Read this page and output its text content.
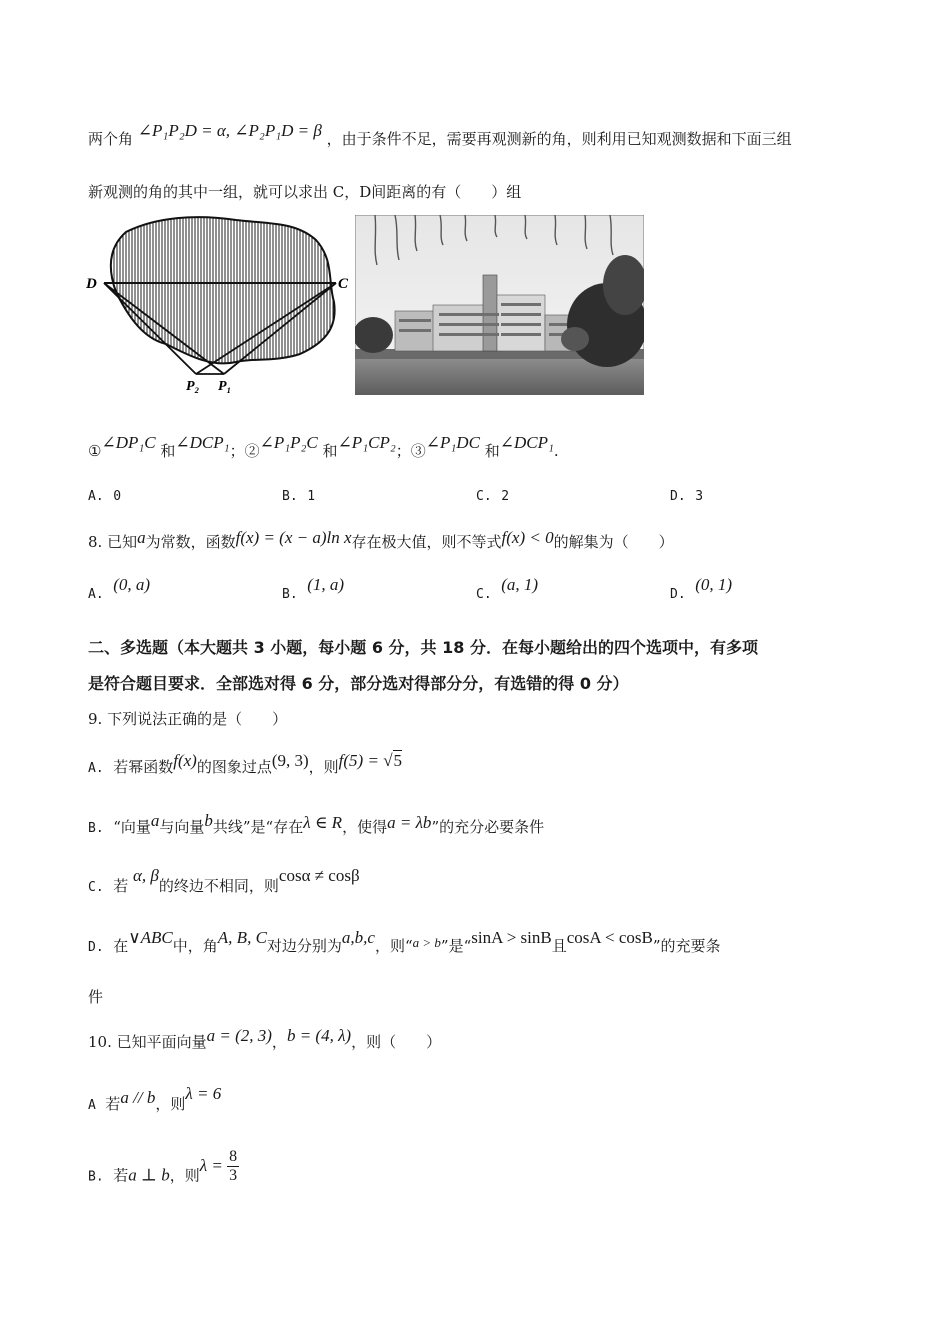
两个角 ∠P₁P₂D = α, ∠P₂P₁D = β ，由于条件不足，需要再观测新的角，则利用已知观测数据和下面三组
新观测的角的其中一组，就可以求出 C，D间距离的有（　　）组
D	C
P₂ P₁
①∠DP₁C 和∠DCP₁；②∠P₁P₂C 和∠P₁CP₂；③∠P₁DC 和∠DCP₁.
A. 0	B. 1	C. 2	D. 3
8. 已知a为常数，函数f(x) = (x − a)ln x存在极大值，则不等式f(x) < 0的解集为（　　）
A.  (0, a)
B.  (1, a)
C.  (a, 1)
D.  (0, 1)
二、多选题（本大题共 3 小题，每小题 6 分，共 18 分．在每小题给出的四个选项中，有多项
是符合题目要求．全部选对得 6 分，部分选对得部分分，有选错的得 0 分）
9. 下列说法正确的是（　　）
A. 若幂函数f(x)的图象过点(9, 3)，则f(5) = √5
B. “向量a与向量b共线”是“存在λ ∈ R，使得a = λb”的充分必要条件
C. 若 α, β的终边不相同，则cosα ≠ cosβ
D. 在∨ABC中，角A, B, C对边分别为a,b,c，则“a > b”是“sinA > sinB且cosA < cosB”的充要条
件
10. 已知平面向量a = (2, 3)，b = (4, λ)，则（　　）
A 若a // b，则λ = 6
B. 若a ⊥ b，则$\lambda = \frac{8}{3}$
